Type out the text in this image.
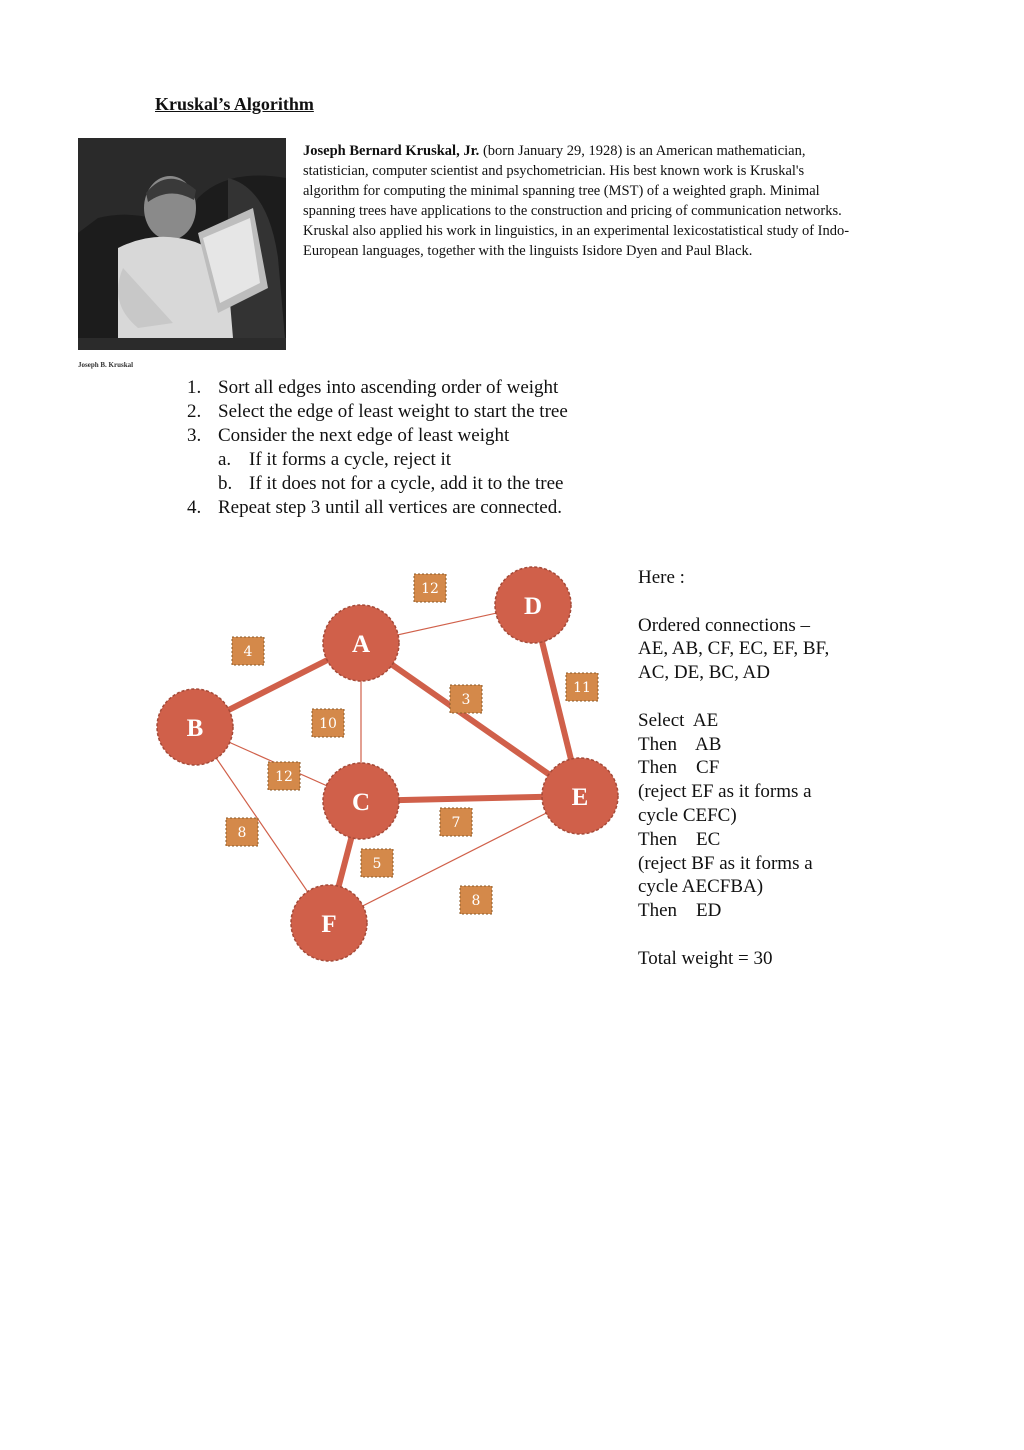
Kruskal’s Algorithm
Joseph B. Kruskal

Joseph Bernard Kruskal, Jr. (born January 29, 1928) is an American mathematician, statistician, computer scientist and psychometrician. His best known work is Kruskal's algorithm for computing the minimal spanning tree (MST) of a weighted graph. Minimal spanning trees have applications to the construction and pricing of communication networks. Kruskal also applied his work in linguistics, in an experimental lexicostatistical study of Indo-European languages, together with the linguists Isidore Dyen and Paul Black.

1. Sort all edges into ascending order of weight
2. Select the edge of least weight to start the tree
3. Consider the next edge of least weight
a. If it forms a cycle, reject it
b. If it does not for a cycle, add it to the tree
4. Repeat step 3 until all vertices are connected.
4
12
3
10
12
8
7
5
11
8
A
B
C
D
E
F
Here :
Ordered connections –
AE, AB, CF, EC, EF, BF,
AC, DE, BC, AD
Select  AE
Then    AB
Then    CF
(reject EF as it forms a
cycle CEFC)
Then    EC
(reject BF as it forms a
cycle AECFBA)
Then    ED
Total weight = 30
